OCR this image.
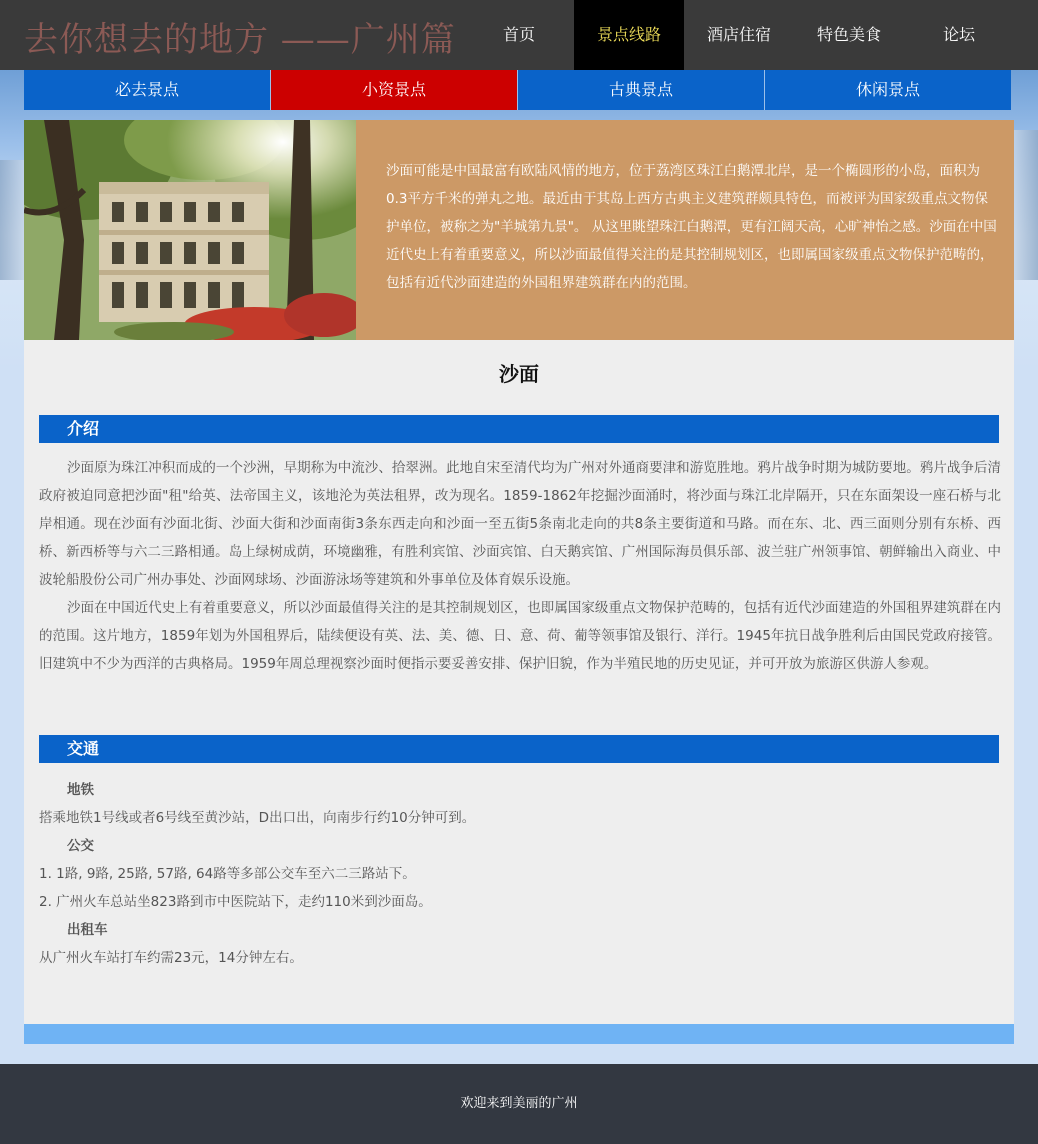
去你想去的地方 ——广州篇	首页	景点线路	酒店住宿	特色美食	论坛
必去景点	小资景点	古典景点	休闲景点
沙面可能是中国最富有欧陆风情的地方，位于荔湾区珠江白鹅潭北岸，是一个椭圆形的小岛，面积为0.3平方千米的弹丸之地。最近由于其岛上西方古典主义建筑群颇具特色，而被评为国家级重点文物保护单位，被称之为"羊城第九景"。 从这里眺望珠江白鹅潭，更有江阔天高，心旷神怡之感。沙面在中国近代史上有着重要意义，所以沙面最值得关注的是其控制规划区，也即属国家级重点文物保护范畴的，包括有近代沙面建造的外国租界建筑群在内的范围。
沙面
介绍
沙面原为珠江冲积而成的一个沙洲，早期称为中流沙、拾翠洲。此地自宋至清代均为广州对外通商要津和游览胜地。鸦片战争时期为城防要地。鸦片战争后清政府被迫同意把沙面"租"给英、法帝国主义，该地沦为英法租界，改为现名。1859-1862年挖掘沙面涌时，将沙面与珠江北岸隔开，只在东面架设一座石桥与北岸相通。现在沙面有沙面北街、沙面大街和沙面南街3条东西走向和沙面一至五街5条南北走向的共8条主要街道和马路。而在东、北、西三面则分别有东桥、西桥、新西桥等与六二三路相通。岛上绿树成荫，环境幽雅，有胜利宾馆、沙面宾馆、白天鹅宾馆、广州国际海员俱乐部、波兰驻广州领事馆、朝鲜输出入商业、中波轮船股份公司广州办事处、沙面网球场、沙面游泳场等建筑和外事单位及体育娱乐设施。
沙面在中国近代史上有着重要意义，所以沙面最值得关注的是其控制规划区，也即属国家级重点文物保护范畴的，包括有近代沙面建造的外国租界建筑群在内的范围。这片地方，1859年划为外国租界后，陆续便设有英、法、美、德、日、意、荷、葡等领事馆及银行、洋行。1945年抗日战争胜利后由国民党政府接管。旧建筑中不少为西洋的古典格局。1959年周总理视察沙面时便指示要妥善安排、保护旧貌，作为半殖民地的历史见证，并可开放为旅游区供游人参观。
交通
地铁
搭乘地铁1号线或者6号线至黄沙站，D出口出，向南步行约10分钟可到。
公交
1. 1路, 9路, 25路, 57路, 64路等多部公交车至六二三路站下。
2. 广州火车总站坐823路到市中医院站下，走约110米到沙面岛。
出租车
从广州火车站打车约需23元，14分钟左右。
欢迎来到美丽的广州
